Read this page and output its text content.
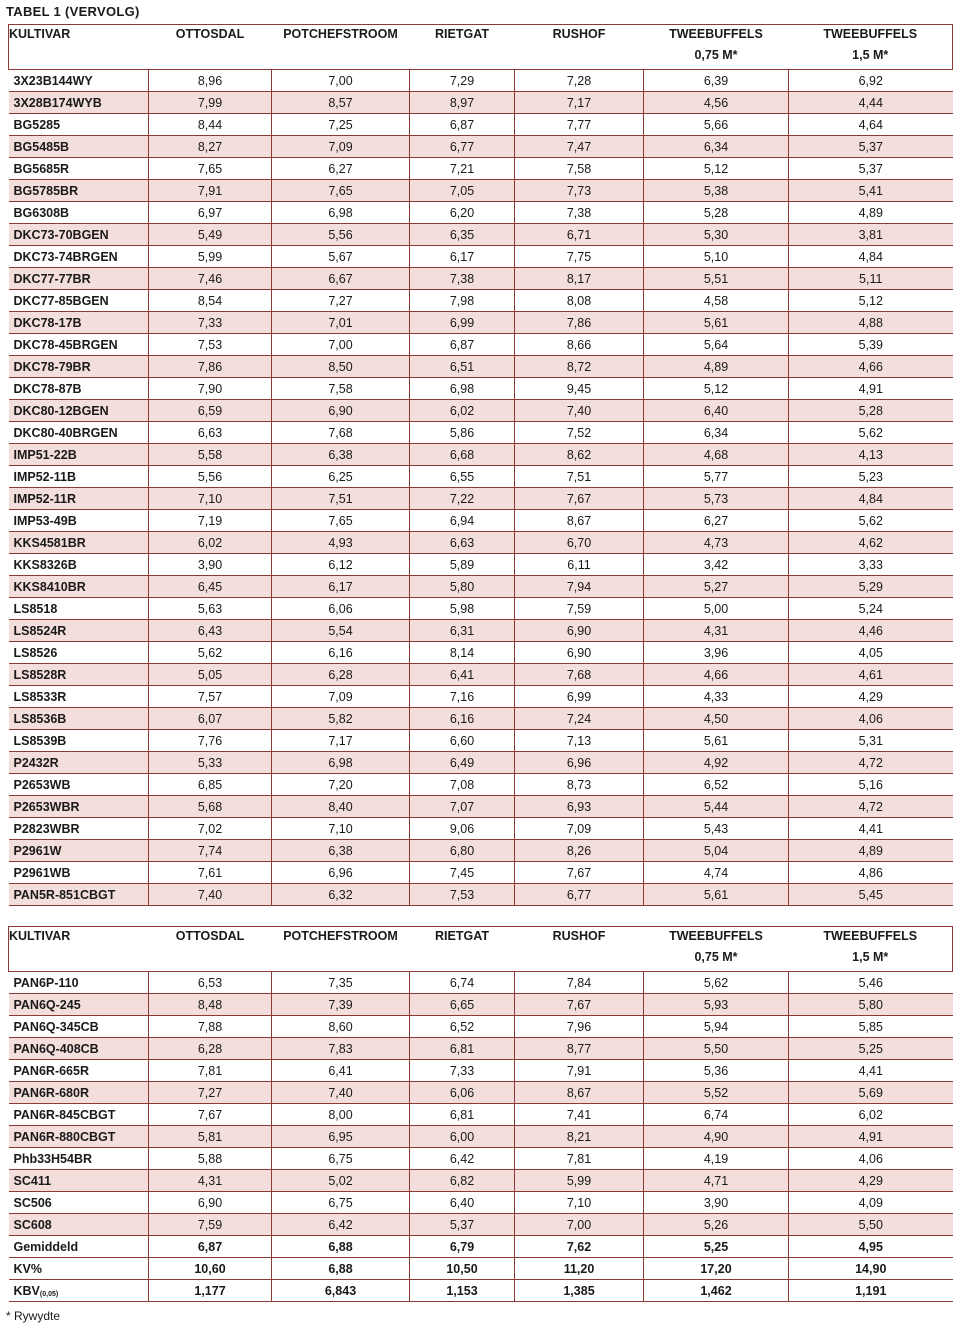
TABEL 1 (VERVOLG)
KULTIVAR	OTTOSDAL	POTCHEFSTROOM	RIETGAT	RUSHOF	TWEEBUFFELS	TWEEBUFFELS
					0,75 M*	1,5 M*
3X23B144WY	8,96	7,00	7,29	7,28	6,39	6,92
3X28B174WYB	7,99	8,57	8,97	7,17	4,56	4,44
BG5285	8,44	7,25	6,87	7,77	5,66	4,64
BG5485B	8,27	7,09	6,77	7,47	6,34	5,37
BG5685R	7,65	6,27	7,21	7,58	5,12	5,37
BG5785BR	7,91	7,65	7,05	7,73	5,38	5,41
BG6308B	6,97	6,98	6,20	7,38	5,28	4,89
DKC73-70BGEN	5,49	5,56	6,35	6,71	5,30	3,81
DKC73-74BRGEN	5,99	5,67	6,17	7,75	5,10	4,84
DKC77-77BR	7,46	6,67	7,38	8,17	5,51	5,11
DKC77-85BGEN	8,54	7,27	7,98	8,08	4,58	5,12
DKC78-17B	7,33	7,01	6,99	7,86	5,61	4,88
DKC78-45BRGEN	7,53	7,00	6,87	8,66	5,64	5,39
DKC78-79BR	7,86	8,50	6,51	8,72	4,89	4,66
DKC78-87B	7,90	7,58	6,98	9,45	5,12	4,91
DKC80-12BGEN	6,59	6,90	6,02	7,40	6,40	5,28
DKC80-40BRGEN	6,63	7,68	5,86	7,52	6,34	5,62
IMP51-22B	5,58	6,38	6,68	8,62	4,68	4,13
IMP52-11B	5,56	6,25	6,55	7,51	5,77	5,23
IMP52-11R	7,10	7,51	7,22	7,67	5,73	4,84
IMP53-49B	7,19	7,65	6,94	8,67	6,27	5,62
KKS4581BR	6,02	4,93	6,63	6,70	4,73	4,62
KKS8326B	3,90	6,12	5,89	6,11	3,42	3,33
KKS8410BR	6,45	6,17	5,80	7,94	5,27	5,29
LS8518	5,63	6,06	5,98	7,59	5,00	5,24
LS8524R	6,43	5,54	6,31	6,90	4,31	4,46
LS8526	5,62	6,16	8,14	6,90	3,96	4,05
LS8528R	5,05	6,28	6,41	7,68	4,66	4,61
LS8533R	7,57	7,09	7,16	6,99	4,33	4,29
LS8536B	6,07	5,82	6,16	7,24	4,50	4,06
LS8539B	7,76	7,17	6,60	7,13	5,61	5,31
P2432R	5,33	6,98	6,49	6,96	4,92	4,72
P2653WB	6,85	7,20	7,08	8,73	6,52	5,16
P2653WBR	5,68	8,40	7,07	6,93	5,44	4,72
P2823WBR	7,02	7,10	9,06	7,09	5,43	4,41
P2961W	7,74	6,38	6,80	8,26	5,04	4,89
P2961WB	7,61	6,96	7,45	7,67	4,74	4,86
PAN5R-851CBGT	7,40	6,32	7,53	6,77	5,61	5,45
KULTIVAR	OTTOSDAL	POTCHEFSTROOM	RIETGAT	RUSHOF	TWEEBUFFELS	TWEEBUFFELS
					0,75 M*	1,5 M*
PAN6P-110	6,53	7,35	6,74	7,84	5,62	5,46
PAN6Q-245	8,48	7,39	6,65	7,67	5,93	5,80
PAN6Q-345CB	7,88	8,60	6,52	7,96	5,94	5,85
PAN6Q-408CB	6,28	7,83	6,81	8,77	5,50	5,25
PAN6R-665R	7,81	6,41	7,33	7,91	5,36	4,41
PAN6R-680R	7,27	7,40	6,06	8,67	5,52	5,69
PAN6R-845CBGT	7,67	8,00	6,81	7,41	6,74	6,02
PAN6R-880CBGT	5,81	6,95	6,00	8,21	4,90	4,91
Phb33H54BR	5,88	6,75	6,42	7,81	4,19	4,06
SC411	4,31	5,02	6,82	5,99	4,71	4,29
SC506	6,90	6,75	6,40	7,10	3,90	4,09
SC608	7,59	6,42	5,37	7,00	5,26	5,50
Gemiddeld	6,87	6,88	6,79	7,62	5,25	4,95
KV%	10,60	6,88	10,50	11,20	17,20	14,90
$KBV_{(0,05)}$	1,177	6,843	1,153	1,385	1,462	1,191
* Rywydte
